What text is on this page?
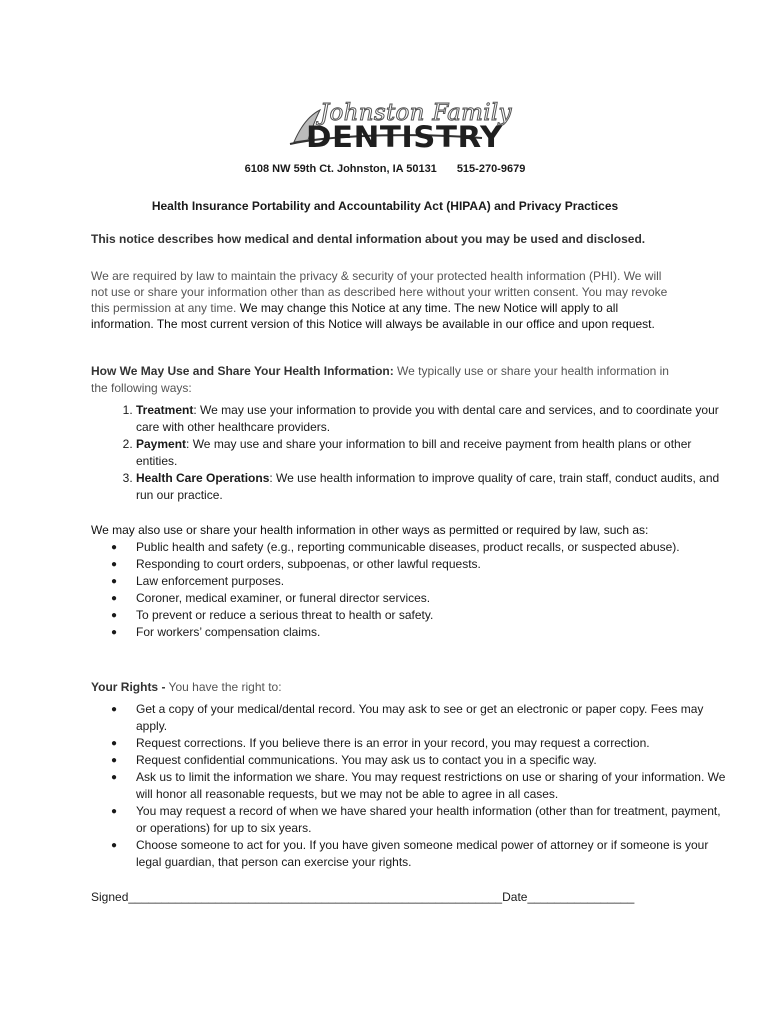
Johnston Family
DENTISTRY
6108 NW 59th Ct. Johnston, IA 50131 515-270-9679
Health Insurance Portability and Accountability Act (HIPAA) and Privacy Practices
This notice describes how medical and dental information about you may be used and disclosed.
We are required by law to maintain the privacy & security of your protected health information (PHI). We will not use or share your information other than as described here without your written consent. You may revoke this permission at any time. We may change this Notice at any time. The new Notice will apply to all information. The most current version of this Notice will always be available in our office and upon request.
How We May Use and Share Your Health Information: We typically use or share your health information in the following ways:
1. Treatment: We may use your information to provide you with dental care and services, and to coordinate your care with other healthcare providers.
2. Payment: We may use and share your information to bill and receive payment from health plans or other entities.
3. Health Care Operations: We use health information to improve quality of care, train staff, conduct audits, and run our practice.
We may also use or share your health information in other ways as permitted or required by law, such as:
● Public health and safety (e.g., reporting communicable diseases, product recalls, or suspected abuse).
● Responding to court orders, subpoenas, or other lawful requests.
● Law enforcement purposes.
● Coroner, medical examiner, or funeral director services.
● To prevent or reduce a serious threat to health or safety.
● For workers’ compensation claims.
Your Rights - You have the right to:
● Get a copy of your medical/dental record. You may ask to see or get an electronic or paper copy. Fees may apply.
● Request corrections. If you believe there is an error in your record, you may request a correction.
● Request confidential communications. You may ask us to contact you in a specific way.
● Ask us to limit the information we share. You may request restrictions on use or sharing of your information. We will honor all reasonable requests, but we may not be able to agree in all cases.
● You may request a record of when we have shared your health information (other than for treatment, payment, or operations) for up to six years.
● Choose someone to act for you. If you have given someone medical power of attorney or if someone is your legal guardian, that person can exercise your rights.
Signed________________________________________________________Date________________
